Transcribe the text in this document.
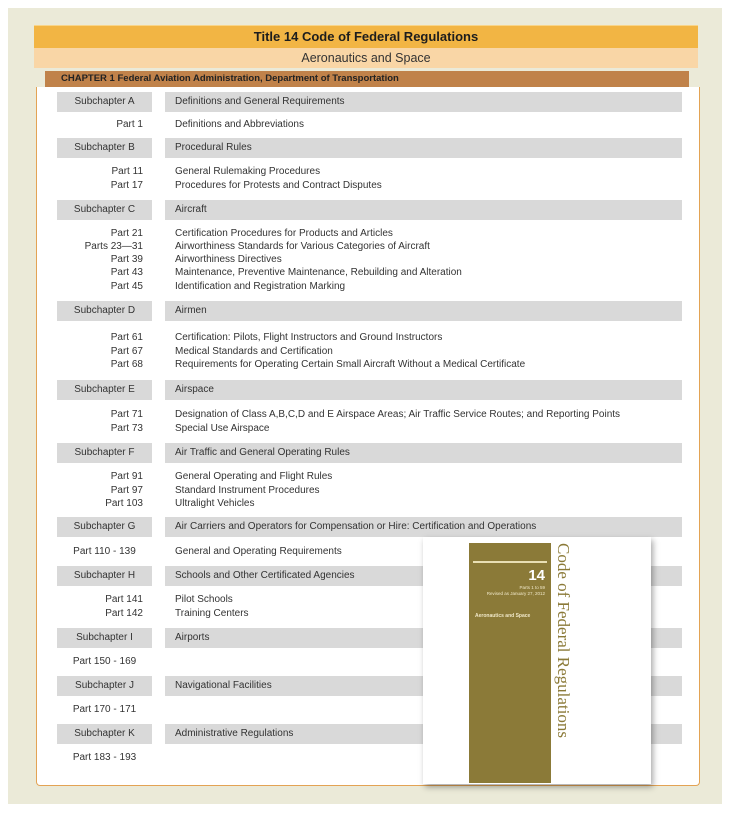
Title 14 Code of Federal Regulations
Aeronautics and Space
CHAPTER 1 Federal Aviation Administration, Department of Transportation
Subchapter A	Definitions and General Requirements
Part 1	Definitions and Abbreviations
Subchapter B	Procedural Rules
Part 11	General Rulemaking Procedures
Part 17	Procedures for Protests and Contract Disputes
Subchapter C	Aircraft
Part 21	Certification Procedures for Products and Articles
Parts 23—31	Airworthiness Standards for Various Categories of Aircraft
Part 39	Airworthiness Directives
Part 43	Maintenance, Preventive Maintenance, Rebuilding and Alteration
Part 45	Identification and Registration Marking
Subchapter D	Airmen
Part 61	Certification: Pilots, Flight Instructors and Ground Instructors
Part 67	Medical Standards and Certification
Part 68	Requirements for Operating Certain Small Aircraft Without a Medical Certificate
Subchapter E	Airspace
Part 71	Designation of Class A,B,C,D and E Airspace Areas; Air Traffic Service Routes; and Reporting Points
Part 73	Special Use Airspace
Subchapter F	Air Traffic and General Operating Rules
Part 91	General Operating and Flight Rules
Part 97	Standard Instrument Procedures
Part 103	Ultralight Vehicles
Subchapter G	Air Carriers and Operators for Compensation or Hire: Certification and Operations
Part 110 - 139	General and Operating Requirements
Subchapter H	Schools and Other Certificated Agencies
Part 141	Pilot Schools
Part 142	Training Centers
Subchapter I	Airports
Part 150 - 169
Subchapter J	Navigational Facilities
Part 170 - 171
Subchapter K	Administrative Regulations
Part 183 - 193
14
Parts 1 to 59
Revised as January 27, 2012
Aeronautics and Space	Code of Federal Regulations
